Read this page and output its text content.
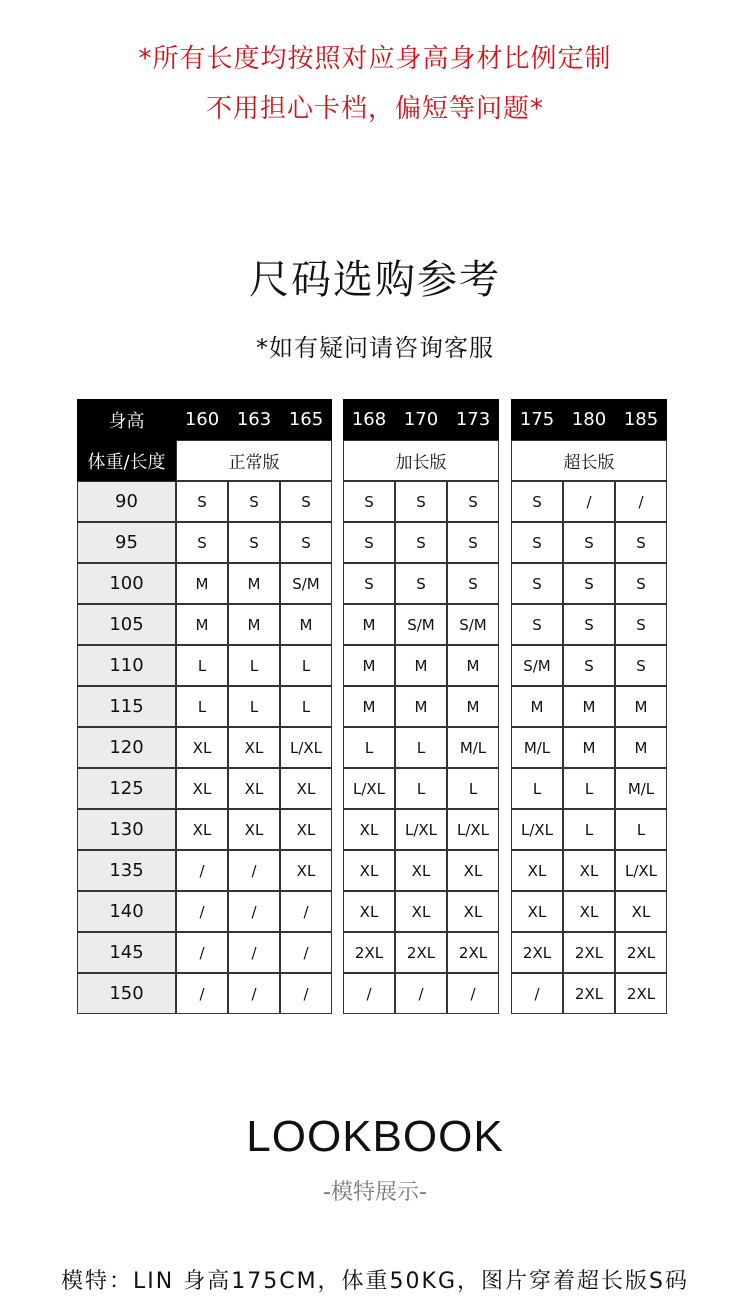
*所有长度均按照对应身高身材比例定制
不用担心卡档，偏短等问题*
尺码选购参考
*如有疑问请咨询客服
身高	160 163 165	168 170 173	175 180 185
体重/长度	正常版	加长版	超长版
90	S	S	S	S	S	S	S	/	/
95	S	S	S	S	S	S	S	S	S
100	M	M	S/M	S	S	S	S	S	S
105	M	M	M	M	S/M	S/M	S	S	S
110	L	L	L	M	M	M	S/M	S	S
115	L	L	L	M	M	M	M	M	M
120	XL	XL	L/XL	L	L	M/L	M/L	M	M
125	XL	XL	XL	L/XL	L	L	L	L	M/L
130	XL	XL	XL	XL	L/XL	L/XL	L/XL	L	L
135	/	/	XL	XL	XL	XL	XL	XL	L/XL
140	/	/	/	XL	XL	XL	XL	XL	XL
145	/	/	/	2XL	2XL	2XL	2XL	2XL	2XL
150	/	/	/	/	/	/	/	2XL	2XL
LOOKBOOK
-模特展示-
模特：LIN 身高175CM，体重50KG，图片穿着超长版S码
